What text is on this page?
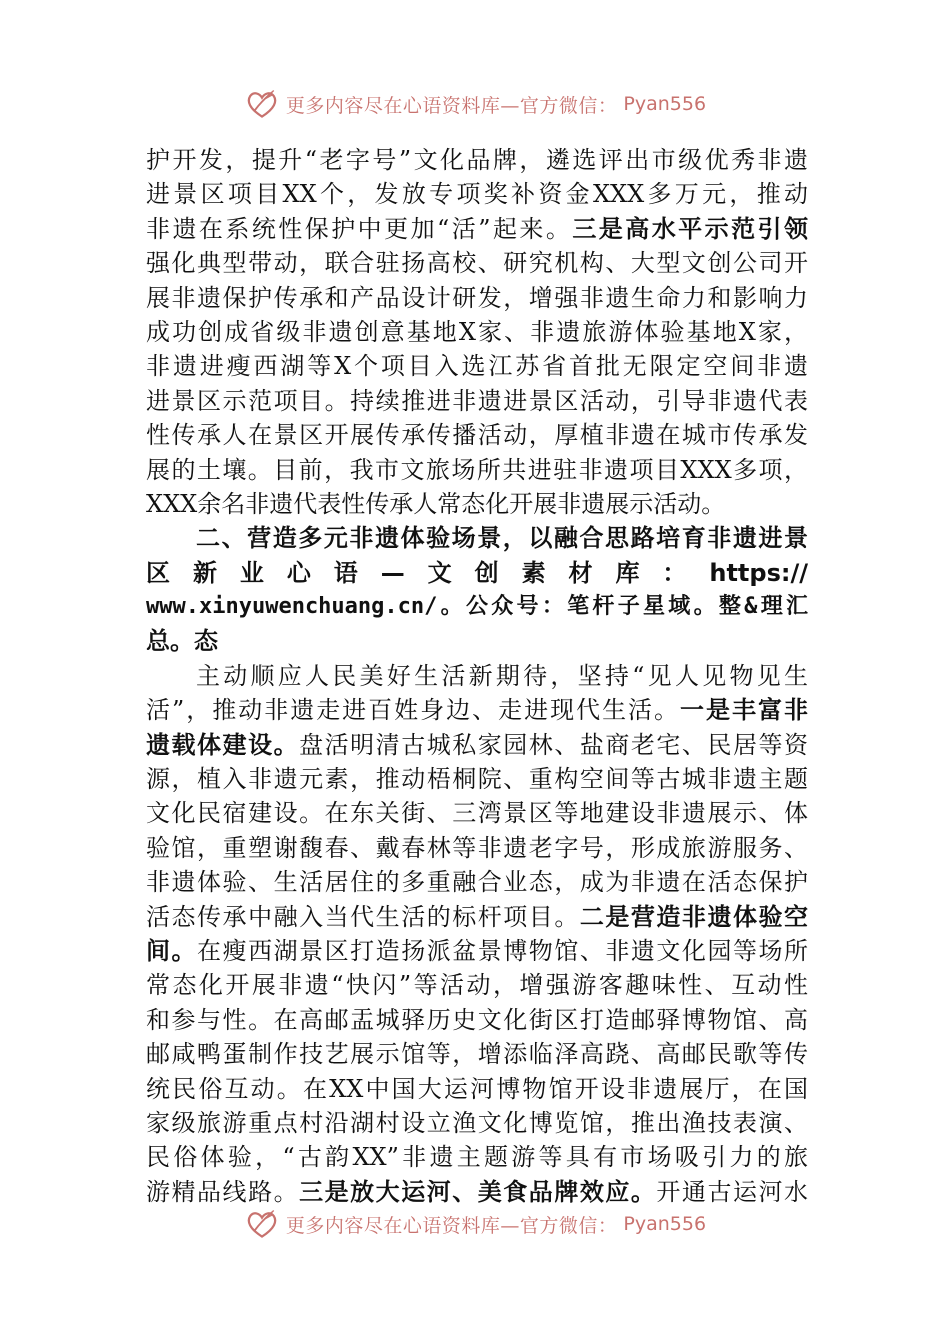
更多内容尽在心语资料库—官方微信： Pyan556
护开发，提升“老字号”文化品牌，遴选评出市级优秀非遗
进景区项目XX个，发放专项奖补资金XXX多万元，推动
非遗在系统性保护中更加“活”起来。三是高水平示范引领
强化典型带动，联合驻扬高校、研究机构、大型文创公司开
展非遗保护传承和产品设计研发，增强非遗生命力和影响力
成功创成省级非遗创意基地X家、非遗旅游体验基地X家，
非遗进瘦西湖等X个项目入选江苏省首批无限定空间非遗
进景区示范项目。持续推进非遗进景区活动，引导非遗代表
性传承人在景区开展传承传播活动，厚植非遗在城市传承发
展的土壤。目前，我市文旅场所共进驻非遗项目XXX多项，
XXX余名非遗代表性传承人常态化开展非遗展示活动。
二、营造多元非遗体验场景，以融合思路培育非遗进景
区新业心语—文创素材库：https://
www.xinyuwenchuang.cn/。公众号：笔杆子星域。整&理汇
总。态
主动顺应人民美好生活新期待，坚持“见人见物见生
活”，推动非遗走进百姓身边、走进现代生活。一是丰富非
遗载体建设。盘活明清古城私家园林、盐商老宅、民居等资
源，植入非遗元素，推动梧桐院、重构空间等古城非遗主题
文化民宿建设。在东关街、三湾景区等地建设非遗展示、体
验馆，重塑谢馥春、戴春林等非遗老字号，形成旅游服务、
非遗体验、生活居住的多重融合业态，成为非遗在活态保护
活态传承中融入当代生活的标杆项目。二是营造非遗体验空
间。在瘦西湖景区打造扬派盆景博物馆、非遗文化园等场所
常态化开展非遗“快闪”等活动，增强游客趣味性、互动性
和参与性。在高邮盂城驿历史文化街区打造邮驿博物馆、高
邮咸鸭蛋制作技艺展示馆等，增添临泽高跷、高邮民歌等传
统民俗互动。在XX中国大运河博物馆开设非遗展厅，在国
家级旅游重点村沿湖村设立渔文化博览馆，推出渔技表演、
民俗体验，“古韵XX”非遗主题游等具有市场吸引力的旅
游精品线路。三是放大运河、美食品牌效应。开通古运河水
更多内容尽在心语资料库—官方微信： Pyan556
